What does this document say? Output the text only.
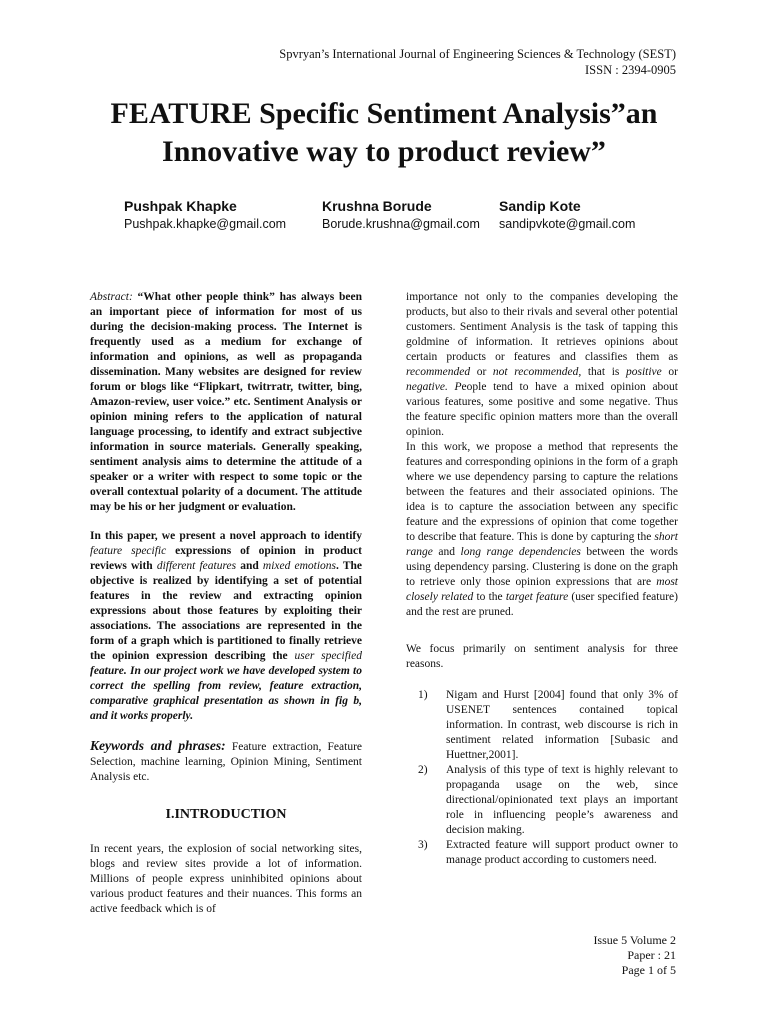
Spvryan’s International Journal of Engineering Sciences & Technology (SEST)
ISSN : 2394-0905
FEATURE Specific Sentiment Analysis”an
Innovative way to product review”
Pushpak Khapke
Pushpak.khapke@gmail.com
Krushna Borude
Borude.krushna@gmail.com
Sandip Kote
sandipvkote@gmail.com

Abstract: “What other people think” has always been an important piece of information for most of us during the decision-making process. The Internet is frequently used as a medium for exchange of information and opinions, as well as propaganda dissemination. Many websites are designed for review forum or blogs like “Flipkart, twitrratr, twitter, bing, Amazon-review, user voice.” etc. Sentiment Analysis or opinion mining refers to the application of natural language processing, to identify and extract subjective information in source materials. Generally speaking, sentiment analysis aims to determine the attitude of a speaker or a writer with respect to some topic or the overall contextual polarity of a document. The attitude may be his or her judgment or evaluation.

In this paper, we present a novel approach to identify feature specific expressions of opinion in product reviews with different features and mixed emotions. The objective is realized by identifying a set of potential features in the review and extracting opinion expressions about those features by exploiting their associations. The associations are represented in the form of a graph which is partitioned to finally retrieve the opinion expression describing the user specified feature. In our project work we have developed system to correct the spelling from review, feature extraction, comparative graphical presentation as shown in fig b, and it works properly.

Keywords and phrases: Feature extraction, Feature Selection, machine learning, Opinion Mining, Sentiment Analysis etc.

I.INTRODUCTION

In recent years, the explosion of social networking sites, blogs and review sites provide a lot of information. Millions of people express uninhibited opinions about various product features and their nuances. This forms an active feedback which is of

importance not only to the companies developing the products, but also to their rivals and several other potential customers. Sentiment Analysis is the task of tapping this goldmine of information. It retrieves opinions about certain products or features and classifies them as recommended or not recommended, that is positive or negative. People tend to have a mixed opinion about various features, some positive and some negative. Thus the feature specific opinion matters more than the overall opinion.

In this work, we propose a method that represents the features and corresponding opinions in the form of a graph where we use dependency parsing to capture the relations between the features and their associated opinions. The idea is to capture the association between any specific feature and the expressions of opinion that come together to describe that feature. This is done by capturing the short range and long range dependencies between the words using dependency parsing. Clustering is done on the graph to retrieve only those opinion expressions that are most closely related to the target feature (user specified feature) and the rest are pruned.

We focus primarily on sentiment analysis for three reasons.

1)	Nigam and Hurst [2004] found that only 3% of USENET sentences contained topical information. In contrast, web discourse is rich in sentiment related information [Subasic and Huettner,2001].
2)	Analysis of this type of text is highly relevant to propaganda usage on the web, since directional/opinionated text plays an important role in influencing people’s awareness and decision making.
3)	Extracted feature will support product owner to manage product according to customers need.
Issue 5 Volume 2
Paper : 21
Page 1 of 5
